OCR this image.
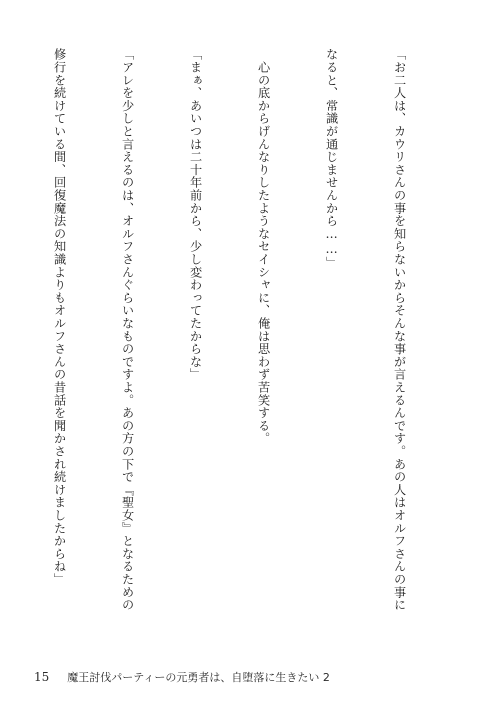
「お二人は、カウリさんの事を知らないからそんな事が言えるんです。あの人はオルフさんの事に

なると、常識が通じませんから……」

　心の底からげんなりしたようなセイシャに、俺は思わず苦笑する。

「まぁ、あいつは二十年前から、少し変わってたからな」

「アレを少しと言えるのは、オルフさんぐらいなものですよ。あの方の下で『聖女』となるための

修行を続けている間、回復魔法の知識よりもオルフさんの昔話を聞かされ続けましたからね」

15 魔王討伐パーティーの元勇者は、自堕落に生きたい 2
